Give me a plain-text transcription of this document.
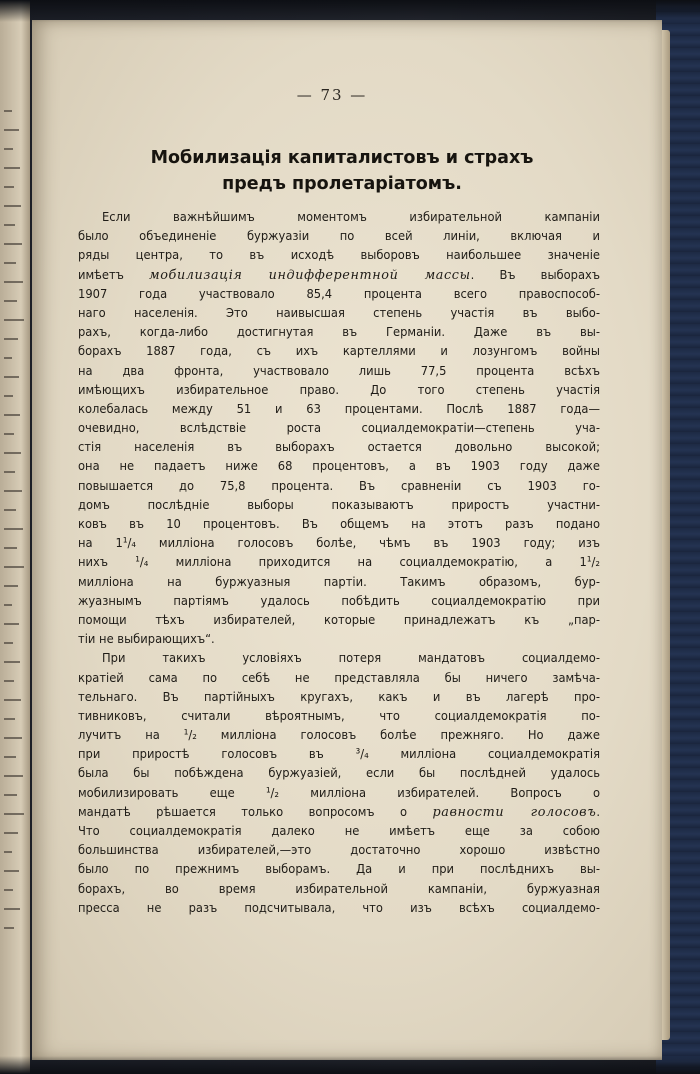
— 73 —
Мобилизація капиталистовъ и страхъ
предъ пролетаріатомъ.
Если важнѣйшимъ моментомъ избирательной кампаніи
было объединеніе буржуазіи по всей линіи, включая и
ряды центра, то въ исходѣ выборовъ наибольшее значеніе
имѣетъ мобилизація индифферентной массы. Въ выборахъ
1907 года участвовало 85,4 процента всего правоспособ-
наго населенія. Это наивысшая степень участія въ выбо-
рахъ, когда-либо достигнутая въ Германіи. Даже въ вы-
борахъ 1887 года, съ ихъ картеллями и лозунгомъ войны
на два фронта, участвовало лишь 77,5 процента всѣхъ
имѣющихъ избирательное право. До того степень участія
колебалась между 51 и 63 процентами. Послѣ 1887 года—
очевидно, вслѣдствіе роста социалдемократіи—степень уча-
стія населенія въ выборахъ остается довольно высокой;
она не падаетъ ниже 68 процентовъ, а въ 1903 году даже
повышается до 75,8 процента. Въ сравненіи съ 1903 го-
домъ послѣдніе выборы показываютъ приростъ участни-
ковъ въ 10 процентовъ. Въ общемъ на этотъ разъ подано
на 1¹/₄ милліона голосовъ болѣе, чѣмъ въ 1903 году; изъ
нихъ ¹/₄ милліона приходится на социалдемократію, а 1¹/₂
милліона на буржуазныя партіи. Такимъ образомъ, бур-
жуазнымъ партіямъ удалось побѣдить социалдемократію при
помощи тѣхъ избирателей, которые принадлежатъ къ „пар-
тіи не выбирающихъ“.
При такихъ условіяхъ потеря мандатовъ социалдемо-
кратіей сама по себѣ не представляла бы ничего замѣча-
тельнаго. Въ партійныхъ кругахъ, какъ и въ лагерѣ про-
тивниковъ, считали вѣроятнымъ, что социалдемократія по-
лучитъ на ¹/₂ милліона голосовъ болѣе прежняго. Но даже
при приростѣ голосовъ въ ³/₄ милліона социалдемократія
была бы побѣждена буржуазіей, если бы послѣдней удалось
мобилизировать еще ¹/₂ милліона избирателей. Вопросъ о
мандатѣ рѣшается только вопросомъ о равности голосовъ.
Что социалдемократія далеко не имѣетъ еще за собою
большинства избирателей,—это достаточно хорошо извѣстно
было по прежнимъ выборамъ. Да и при послѣднихъ вы-
борахъ, во время избирательной кампаніи, буржуазная
пресса не разъ подсчитывала, что изъ всѣхъ социалдемо-
